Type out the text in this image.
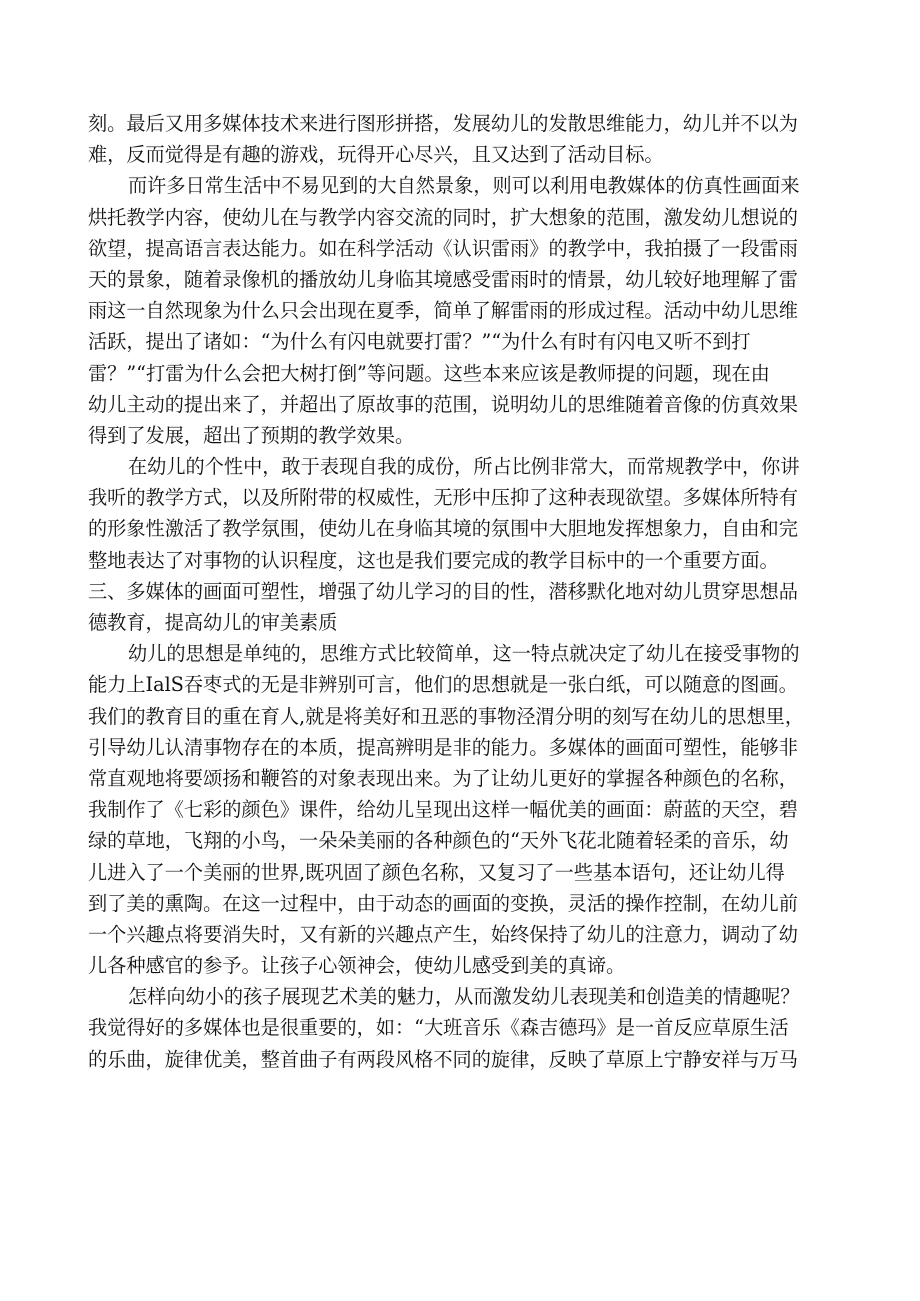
刻。最后又用多媒体技术来进行图形拼搭，发展幼儿的发散思维能力，幼儿并不以为
难，反而觉得是有趣的游戏，玩得开心尽兴，且又达到了活动目标。
而许多日常生活中不易见到的大自然景象，则可以利用电教媒体的仿真性画面来
烘托教学内容，使幼儿在与教学内容交流的同时，扩大想象的范围，激发幼儿想说的
欲望，提高语言表达能力。如在科学活动《认识雷雨》的教学中，我拍摄了一段雷雨
天的景象，随着录像机的播放幼儿身临其境感受雷雨时的情景，幼儿较好地理解了雷
雨这一自然现象为什么只会出现在夏季，简单了解雷雨的形成过程。活动中幼儿思维
活跃，提出了诸如：“为什么有闪电就要打雷？”“为什么有时有闪电又听不到打
雷？”“打雷为什么会把大树打倒”等问题。这些本来应该是教师提的问题，现在由
幼儿主动的提出来了，并超出了原故事的范围，说明幼儿的思维随着音像的仿真效果
得到了发展，超出了预期的教学效果。
在幼儿的个性中，敢于表现自我的成份，所占比例非常大，而常规教学中，你讲
我听的教学方式，以及所附带的权威性，无形中压抑了这种表现欲望。多媒体所特有
的形象性激活了教学氛围，使幼儿在身临其境的氛围中大胆地发挥想象力，自由和完
整地表达了对事物的认识程度，这也是我们要完成的教学目标中的一个重要方面。
三、多媒体的画面可塑性，增强了幼儿学习的目的性，潜移默化地对幼儿贯穿思想品
德教育，提高幼儿的审美素质
幼儿的思想是单纯的，思维方式比较简单，这一特点就决定了幼儿在接受事物的
能力上IalS吞枣式的无是非辨别可言，他们的思想就是一张白纸，可以随意的图画。
我们的教育目的重在育人,就是将美好和丑恶的事物泾渭分明的刻写在幼儿的思想里，
引导幼儿认清事物存在的本质，提高辨明是非的能力。多媒体的画面可塑性，能够非
常直观地将要颂扬和鞭笞的对象表现出来。为了让幼儿更好的掌握各种颜色的名称，
我制作了《七彩的颜色》课件，给幼儿呈现出这样一幅优美的画面：蔚蓝的天空，碧
绿的草地，飞翔的小鸟，一朵朵美丽的各种颜色的“天外飞花北随着轻柔的音乐，幼
儿进入了一个美丽的世界,既巩固了颜色名称，又复习了一些基本语句，还让幼儿得
到了美的熏陶。在这一过程中，由于动态的画面的变换，灵活的操作控制，在幼儿前
一个兴趣点将要消失时，又有新的兴趣点产生，始终保持了幼儿的注意力，调动了幼
儿各种感官的参予。让孩子心领神会，使幼儿感受到美的真谛。
怎样向幼小的孩子展现艺术美的魅力，从而激发幼儿表现美和创造美的情趣呢？
我觉得好的多媒体也是很重要的，如：“大班音乐《森吉德玛》是一首反应草原生活
的乐曲，旋律优美，整首曲子有两段风格不同的旋律，反映了草原上宁静安祥与万马
